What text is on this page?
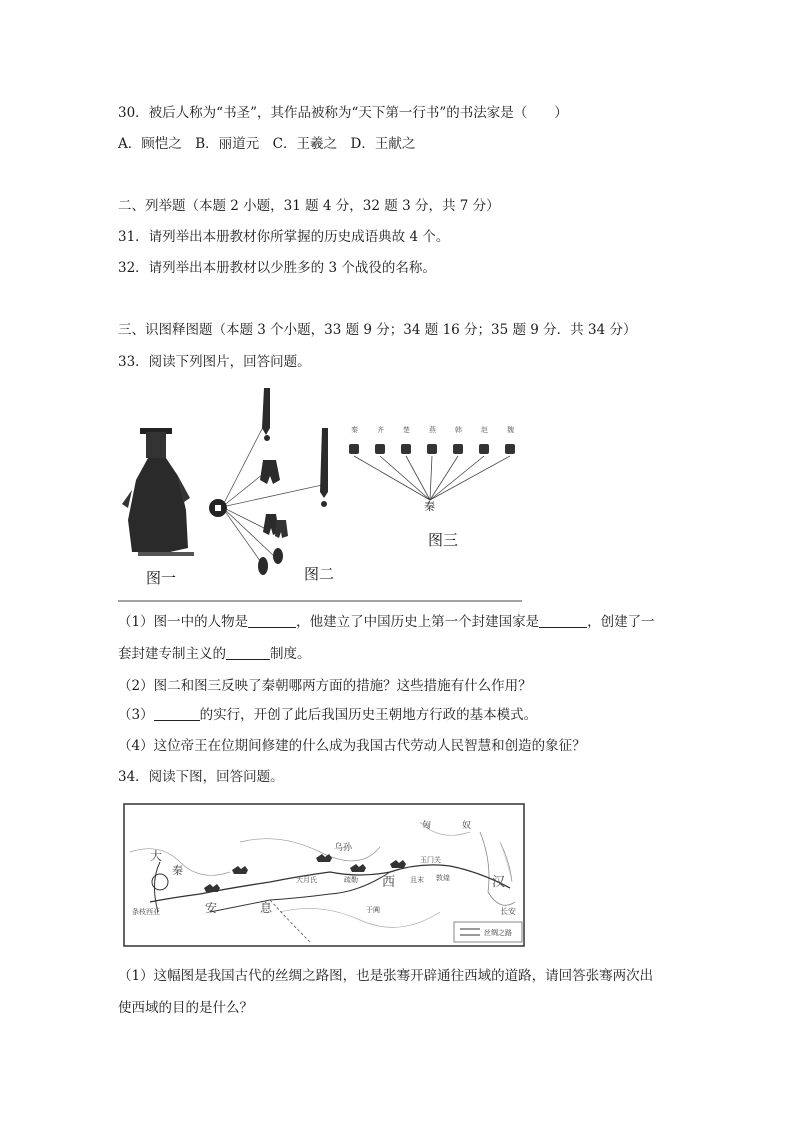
30．被后人称为“书圣”，其作品被称为“天下第一行书”的书法家是（　　）
A．顾恺之　B．丽道元　C．王羲之　D．王献之
二、列举题（本题 2 小题，31 题 4 分，32 题 3 分，共 7 分）
31．请列举出本册教材你所掌握的历史成语典故 4 个。
32．请列举出本册教材以少胜多的 3 个战役的名称。
三、识图释图题（本题 3 个小题，33 题 9 分；34 题 16 分；35 题 9 分．共 34 分）
33．阅读下列图片，回答问题。
图一	图二
秦	齐	楚	燕	韩	赵	魏
秦
图三
（1）图一中的人物是	，他建立了中国历史上第一个封建国家是	，创建了一
套封建专制主义的	制度。
（2）图二和图三反映了秦朝哪两方面的措施？这些措施有什么作用？
（3）	的实行，开创了此后我国历史王朝地方行政的基本模式。
（4）这位帝王在位期间修建的什么成为我国古代劳动人民智慧和创造的象征？
34．阅读下图，回答问题。
匈	奴
大
乌孙
安	息
西	汉
长安
玉门关
敦煌
且末
于阗
大月氏	疏勒
秦
条枝西亚
丝绸之路
（1）这幅图是我国古代的丝绸之路图，也是张骞开辟通往西域的道路，请回答张骞两次出
使西域的目的是什么？
